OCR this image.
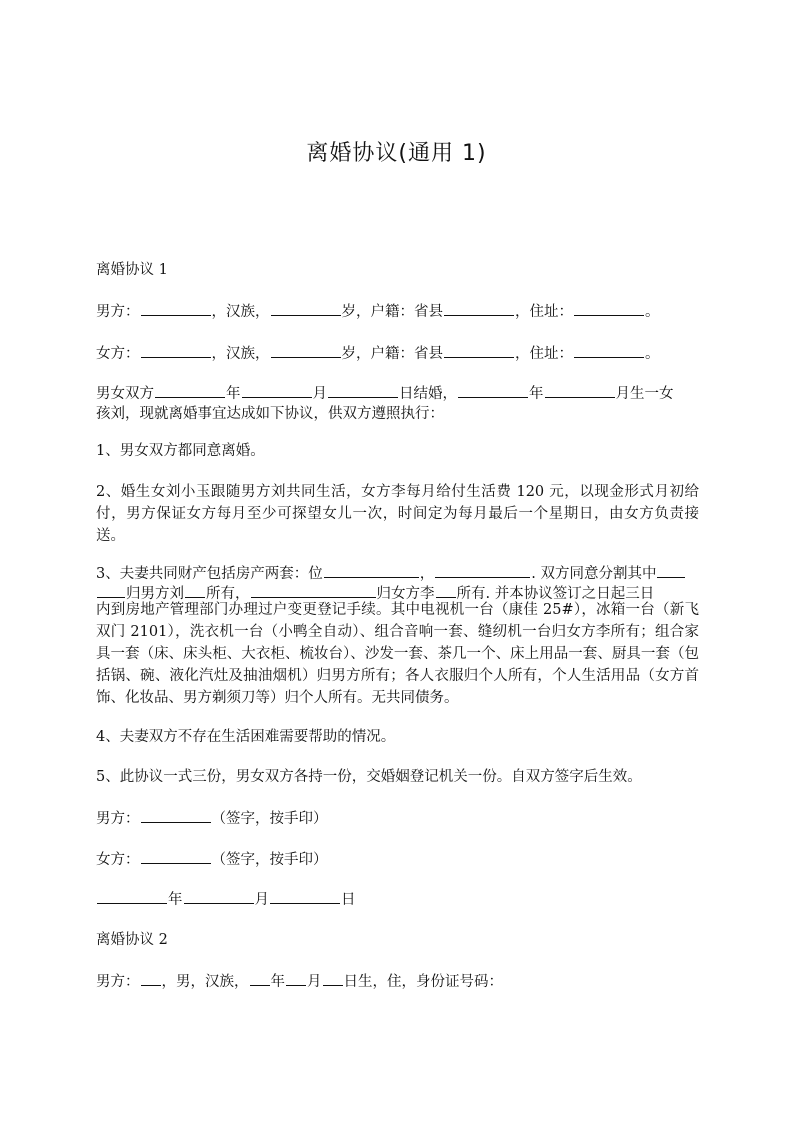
离婚协议(通用 1)
离婚协议 1
男方：	，汉族，	岁，户籍：省县	，住址：	。
女方：	，汉族，	岁，户籍：省县	，住址：	。
男女双方	年	月	日结婚，	年	月生一女
孩刘，现就离婚事宜达成如下协议，供双方遵照执行：
1、男女双方都同意离婚。
2、婚生女刘小玉跟随男方刘共同生活，女方李每月给付生活费 120 元，以现金形式月初给付，男方保证女方每月至少可探望女儿一次，时间定为每月最后一个星期日，由女方负责接送。
3、夫妻共同财产包括房产两套：位	，	. 双方同意分割其中
归男方刘 所有，	归女方李 所有. 并本协议签订之日起三日
内到房地产管理部门办理过户变更登记手续。其中电视机一台（康佳 25#），冰箱一台（新飞双门 2101），洗衣机一台（小鸭全自动）、组合音响一套、缝纫机一台归女方李所有；组合家具一套（床、床头柜、大衣柜、梳妆台）、沙发一套、茶几一个、床上用品一套、厨具一套（包括锅、碗、液化汽灶及抽油烟机）归男方所有；各人衣服归个人所有，个人生活用品（女方首饰、化妆品、男方剃须刀等）归个人所有。无共同债务。
4、夫妻双方不存在生活困难需要帮助的情况。
5、此协议一式三份，男女双方各持一份，交婚姻登记机关一份。自双方签字后生效。
男方：	（签字，按手印）
女方：	（签字，按手印）
年	月	日
离婚协议 2
男方： ，男，汉族， 年 月 日生，住，身份证号码：
